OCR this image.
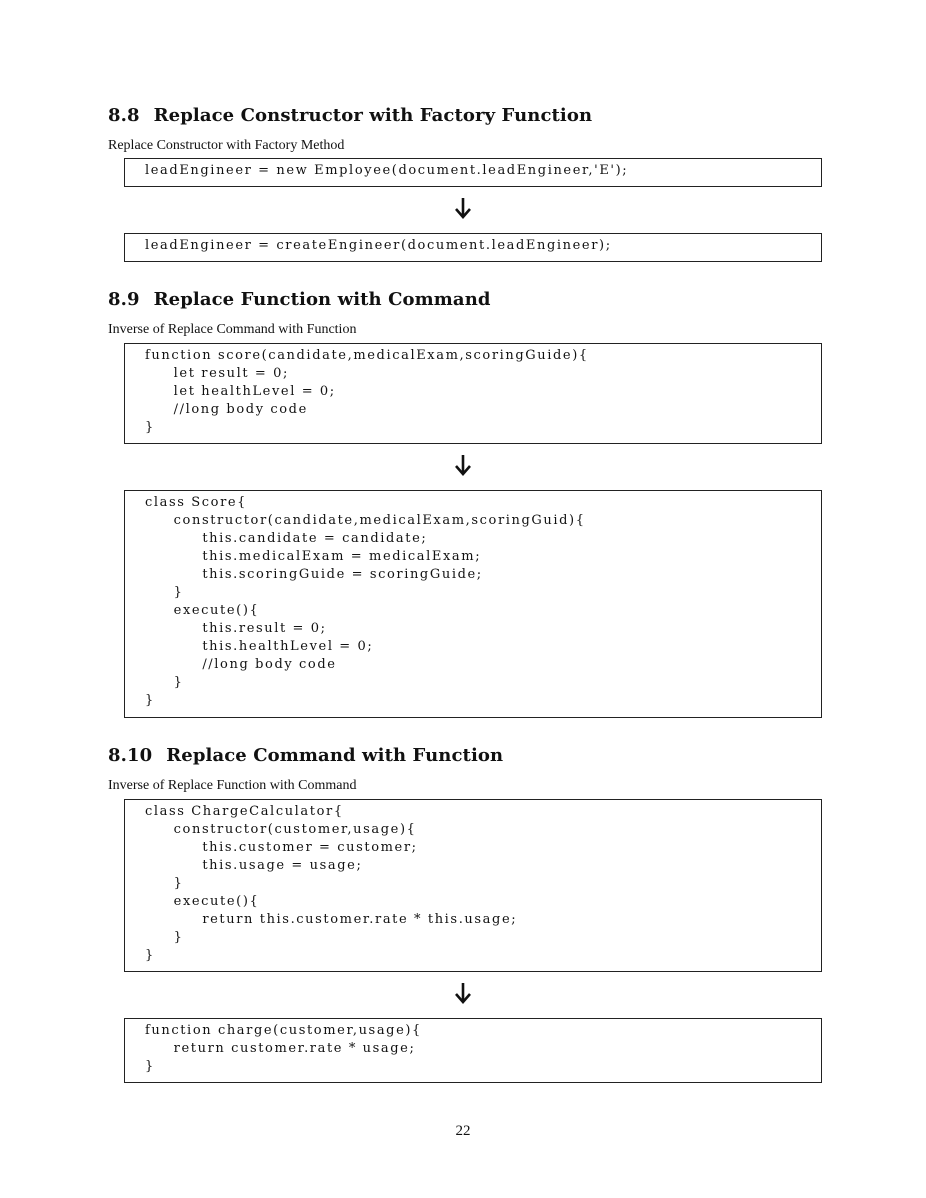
8.8 Replace Constructor with Factory Function

Replace Constructor with Factory Method

leadEngineer = new Employee(document.leadEngineer,'E');
leadEngineer = createEngineer(document.leadEngineer);
8.9 Replace Function with Command

Inverse of Replace Command with Function

function score(candidate,medicalExam,scoringGuide){
let result = 0;
let healthLevel = 0;
//long body code
}
class Score{
constructor(candidate,medicalExam,scoringGuid){
this.candidate = candidate;
this.medicalExam = medicalExam;
this.scoringGuide = scoringGuide;
}
execute(){
this.result = 0;
this.healthLevel = 0;
//long body code
}
}
8.10 Replace Command with Function

Inverse of Replace Function with Command

class ChargeCalculator{
constructor(customer,usage){
this.customer = customer;
this.usage = usage;
}
execute(){
return this.customer.rate * this.usage;
}
}
function charge(customer,usage){
return customer.rate * usage;
}
22
